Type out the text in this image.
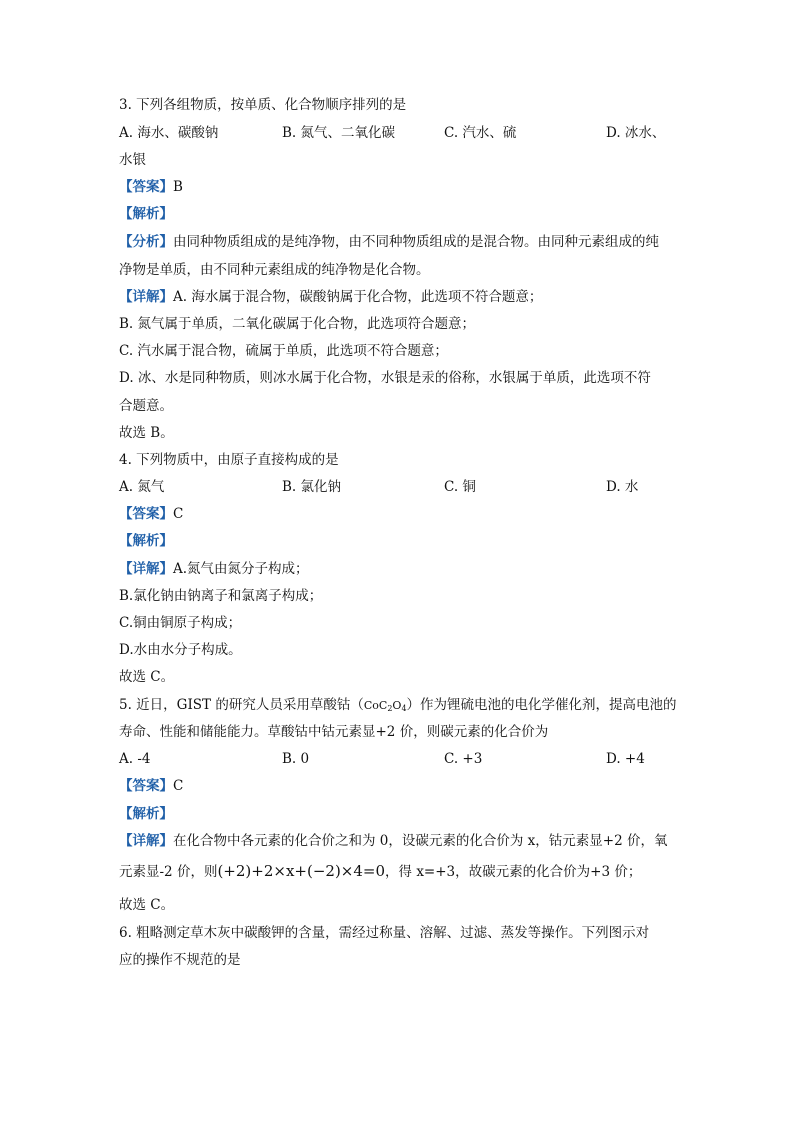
3. 下列各组物质，按单质、化合物顺序排列的是
A. 海水、碳酸钠	B. 氮气、二氧化碳	C. 汽水、硫	D. 冰水、
水银
【答案】B
【解析】
【分析】由同种物质组成的是纯净物，由不同种物质组成的是混合物。由同种元素组成的纯
净物是单质，由不同种元素组成的纯净物是化合物。
【详解】A. 海水属于混合物，碳酸钠属于化合物，此选项不符合题意；
B. 氮气属于单质，二氧化碳属于化合物，此选项符合题意；
C. 汽水属于混合物，硫属于单质，此选项不符合题意；
D. 冰、水是同种物质，则冰水属于化合物，水银是汞的俗称，水银属于单质，此选项不符
合题意。
故选 B。
4. 下列物质中，由原子直接构成的是
A. 氮气	B. 氯化钠	C. 铜	D. 水
【答案】C
【解析】
【详解】A.氮气由氮分子构成；
B.氯化钠由钠离子和氯离子构成；
C.铜由铜原子构成；
D.水由水分子构成。
故选 C。
5. 近日，GIST 的研究人员采用草酸钴$(CoC_2O_4)$作为锂硫电池的电化学催化剂，提高电池的
寿命、性能和储能能力。草酸钴中钴元素显+2 价，则碳元素的化合价为
A. -4	B. 0	C. +3	D. +4
【答案】C
【解析】
【详解】在化合物中各元素的化合价之和为 0，设碳元素的化合价为 x，钴元素显+2 价，氧
元素显-2 价，则(+2)+2×x+(−2)×4=0，得 x=+3，故碳元素的化合价为+3 价；
故选 C。
6. 粗略测定草木灰中碳酸钾的含量，需经过称量、溶解、过滤、蒸发等操作。下列图示对
应的操作不规范的是
